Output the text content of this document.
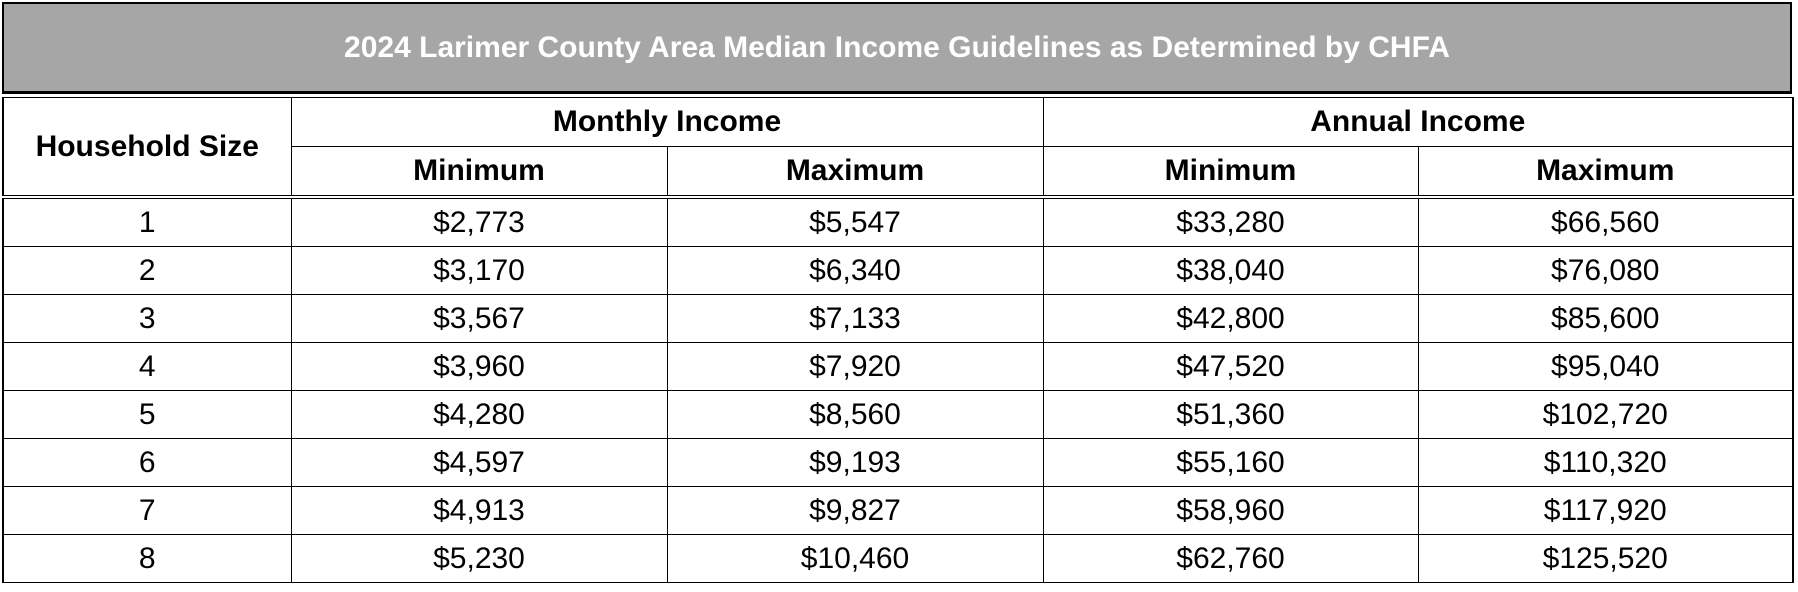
2024 Larimer County Area Median Income Guidelines as Determined by CHFA
Household Size	Monthly Income		Annual Income	
	Minimum	Maximum	Minimum	Maximum
1	$2,773	$5,547	$33,280	$66,560
2	$3,170	$6,340	$38,040	$76,080
3	$3,567	$7,133	$42,800	$85,600
4	$3,960	$7,920	$47,520	$95,040
5	$4,280	$8,560	$51,360	$102,720
6	$4,597	$9,193	$55,160	$110,320
7	$4,913	$9,827	$58,960	$117,920
8	$5,230	$10,460	$62,760	$125,520
